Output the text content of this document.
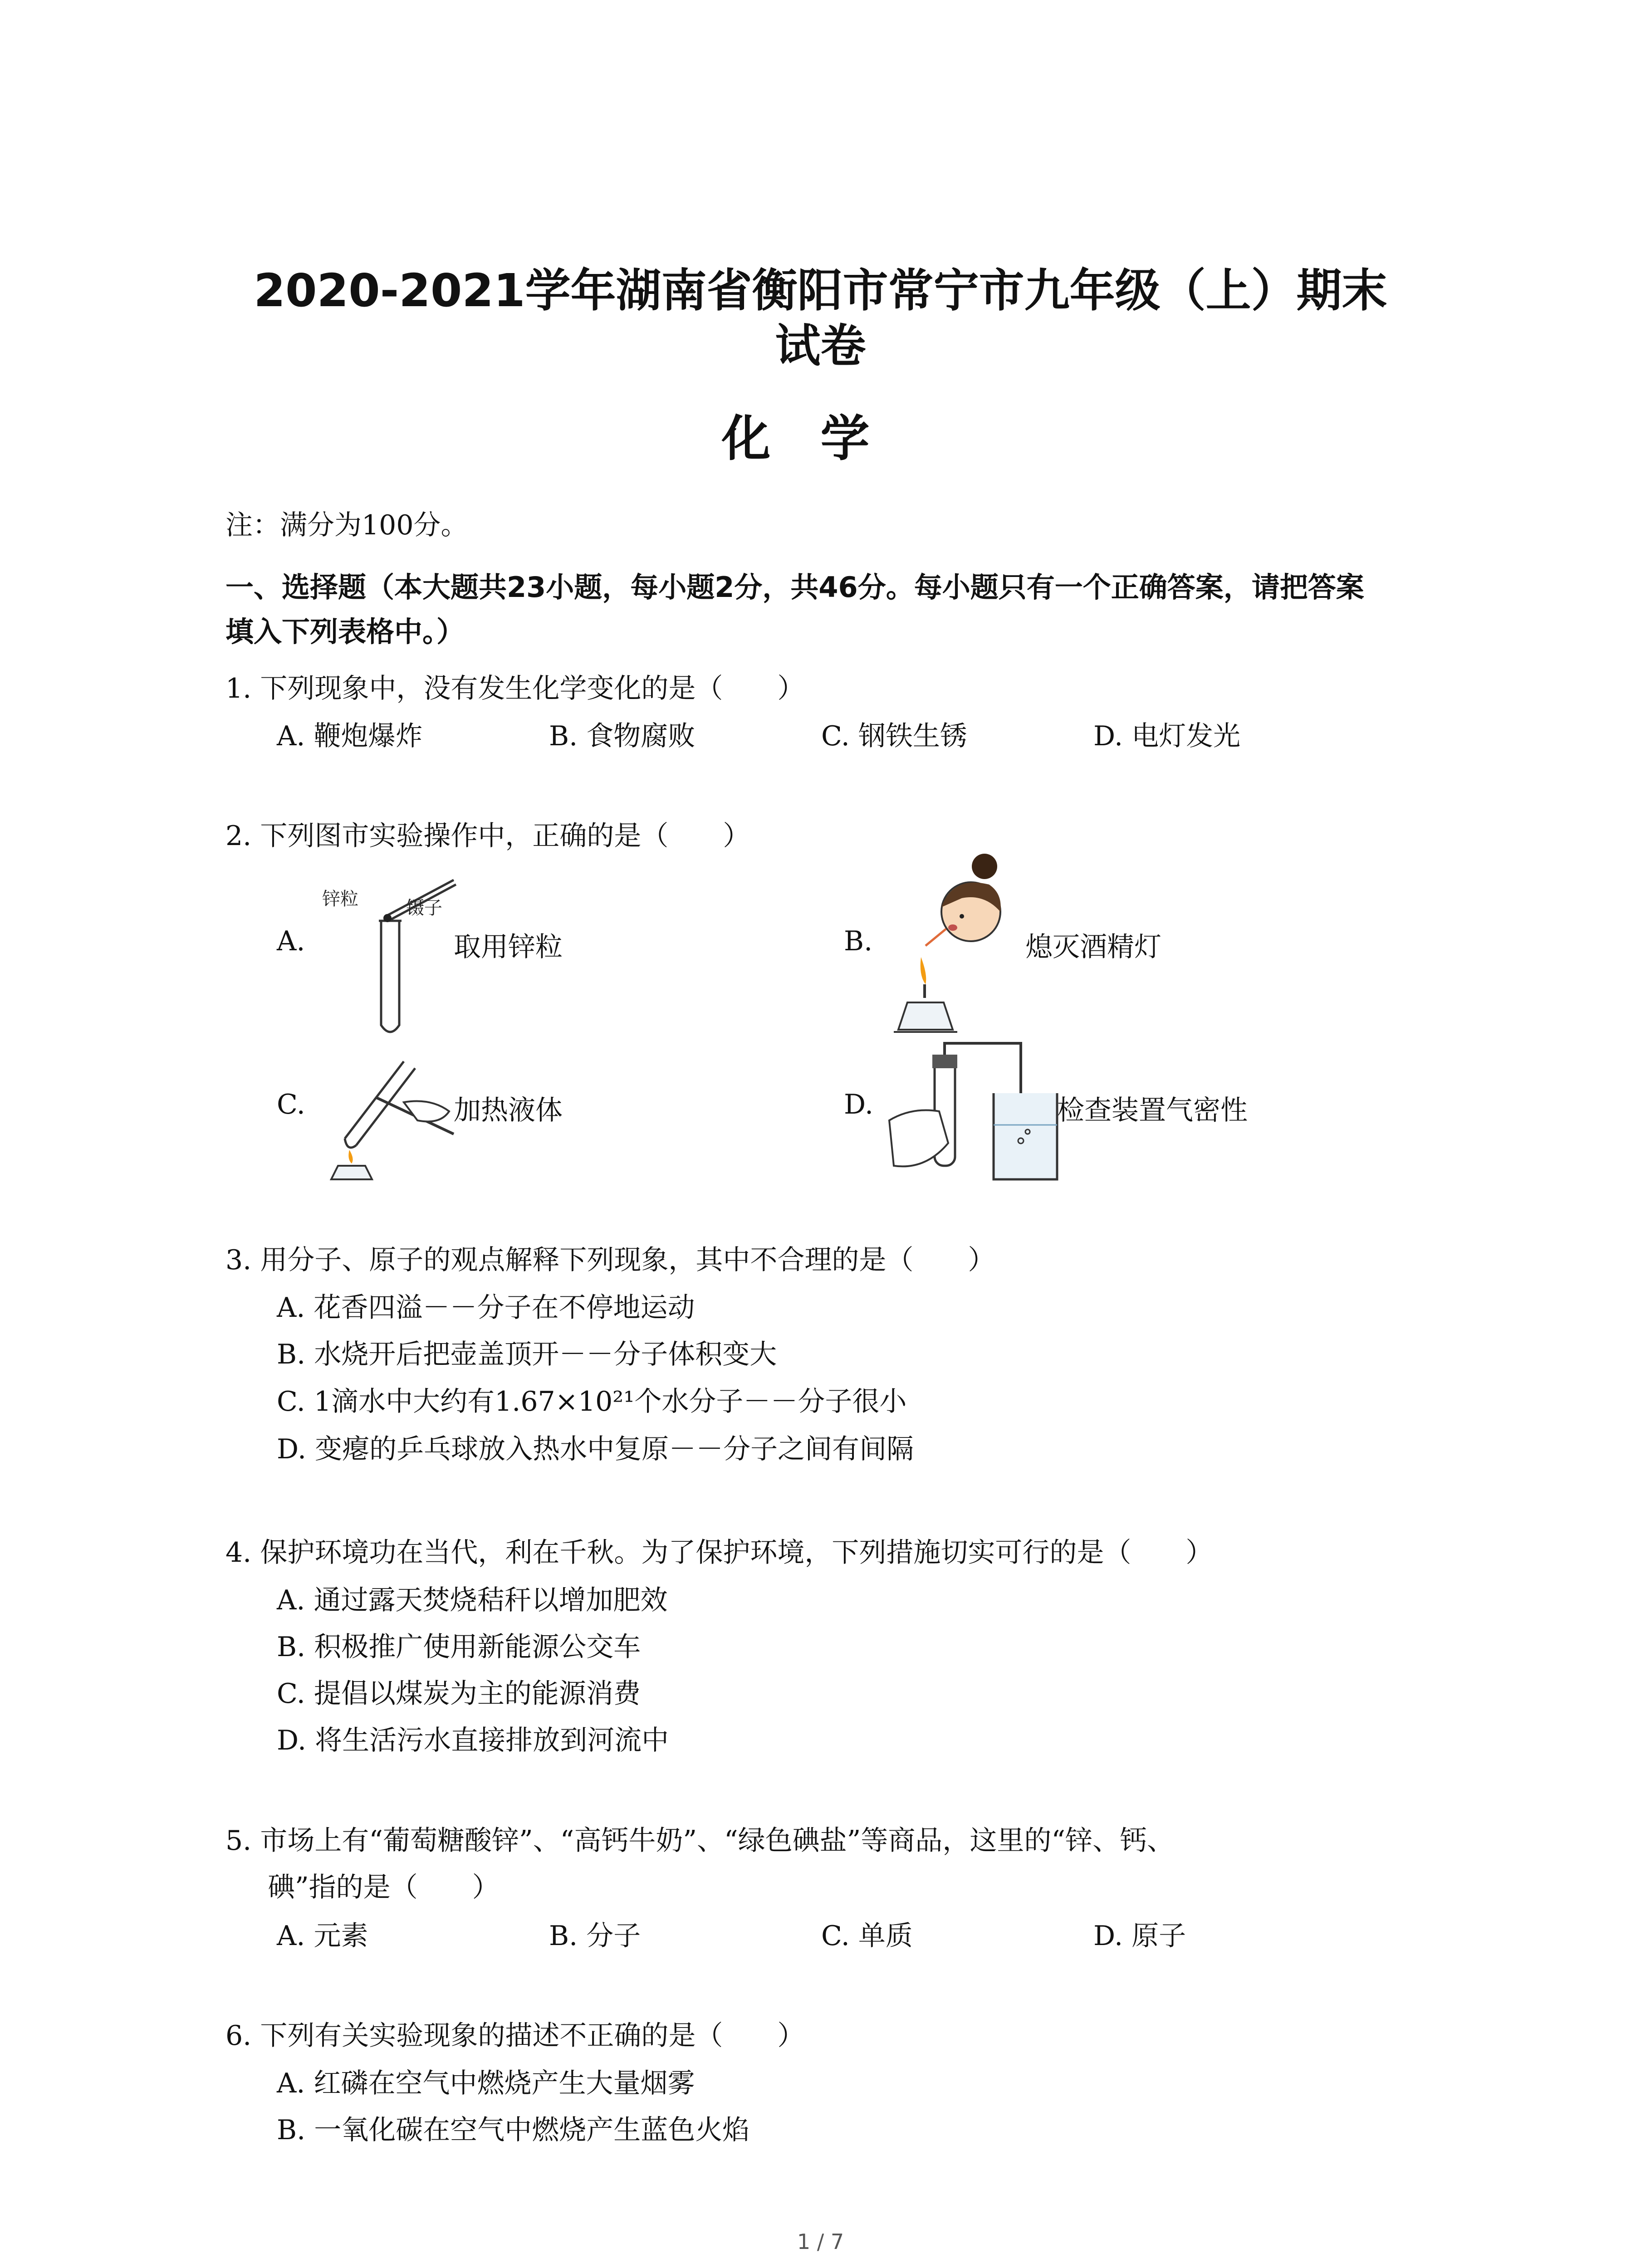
2020-2021学年湖南省衡阳市常宁市九年级（上）期末
试卷
化学
注：满分为100分。
一、选择题（本大题共23小题，每小题2分，共46分。每小题只有一个正确答案，请把答案
填入下列表格中。）
1. 下列现象中，没有发生化学变化的是（　　）
A. 鞭炮爆炸	B. 食物腐败	C. 钢铁生锈	D. 电灯发光
2. 下列图市实验操作中，正确的是（　　）
A.
锌粒	镊子
取用锌粒	B.	熄灭酒精灯
C.	加热液体	D.	检查装置气密性
3. 用分子、原子的观点解释下列现象，其中不合理的是（　　）
A. 花香四溢－－分子在不停地运动
B. 水烧开后把壶盖顶开－－分子体积变大
C. 1滴水中大约有1.67×10²¹个水分子－－分子很小
D. 变瘪的乒乓球放入热水中复原－－分子之间有间隔
4. 保护环境功在当代，利在千秋。为了保护环境，下列措施切实可行的是（　　）
A. 通过露天焚烧秸秆以增加肥效
B. 积极推广使用新能源公交车
C. 提倡以煤炭为主的能源消费
D. 将生活污水直接排放到河流中
5. 市场上有“葡萄糖酸锌”、“高钙牛奶”、“绿色碘盐”等商品，这里的“锌、钙、
碘”指的是（　　）
A. 元素	B. 分子	C. 单质	D. 原子
6. 下列有关实验现象的描述不正确的是（　　）
A. 红磷在空气中燃烧产生大量烟雾
B. 一氧化碳在空气中燃烧产生蓝色火焰
1 / 7
